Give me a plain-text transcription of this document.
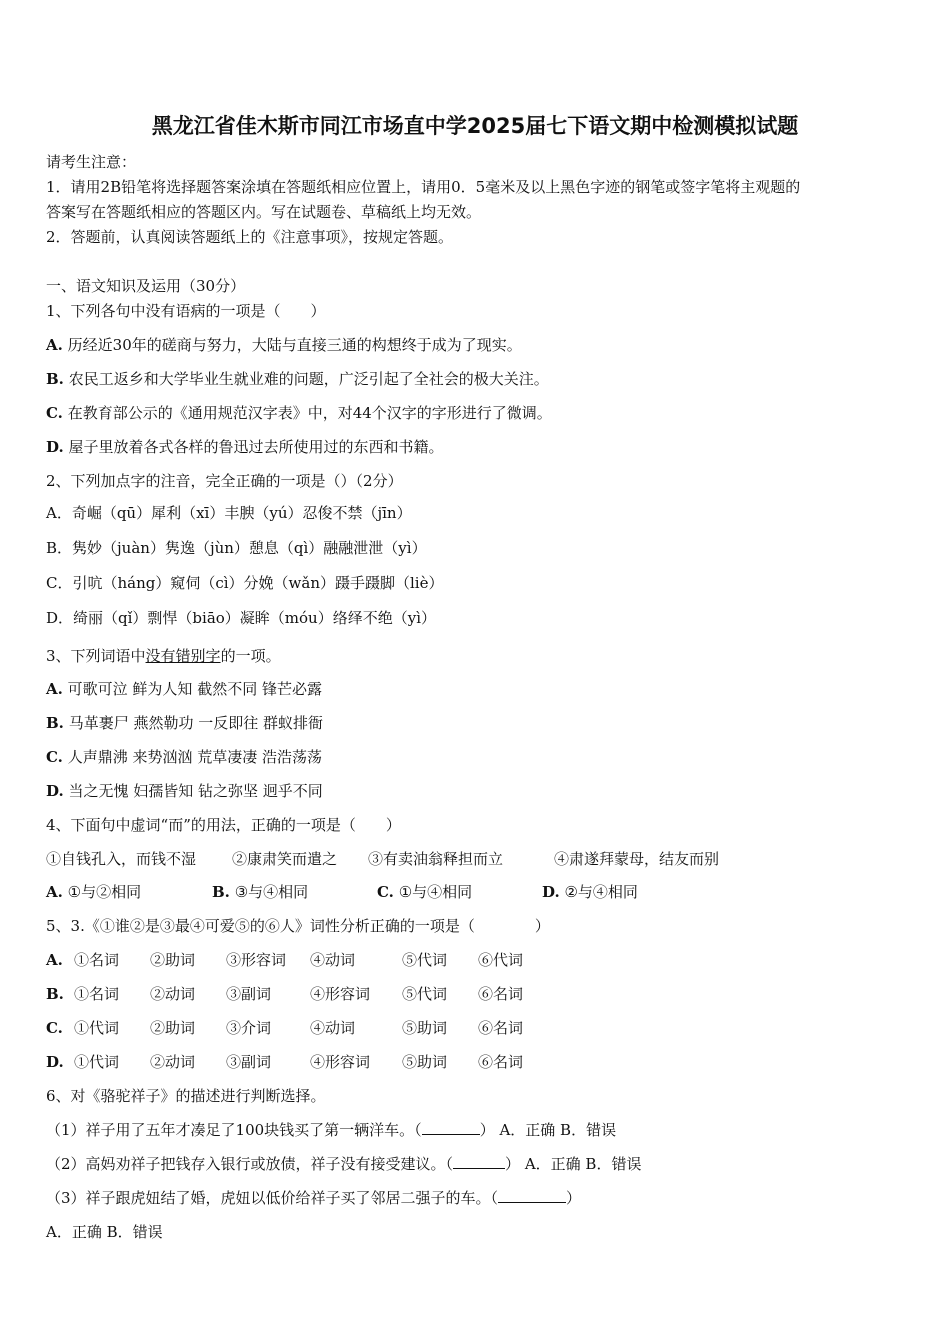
黑龙江省佳木斯市同江市场直中学2025届七下语文期中检测模拟试题
请考生注意：
1．请用2B铅笔将选择题答案涂填在答题纸相应位置上，请用0．5毫米及以上黑色字迹的钢笔或签字笔将主观题的
答案写在答题纸相应的答题区内。写在试题卷、草稿纸上均无效。
2．答题前，认真阅读答题纸上的《注意事项》，按规定答题。
一、语文知识及运用（30分）
1、下列各句中没有语病的一项是（　　）
A. 历经近30年的磋商与努力，大陆与直接三通的构想终于成为了现实。
B. 农民工返乡和大学毕业生就业难的问题，广泛引起了全社会的极大关注。
C. 在教育部公示的《通用规范汉字表》中，对44个汉字的字形进行了微调。
D. 屋子里放着各式各样的鲁迅过去所使用过的东西和书籍。
2、下列加点字的注音，完全正确的一项是（）（2分）
A．奇崛（qū）犀利（xī）丰腴（yú）忍俊不禁（jīn）
B．隽妙（juàn）隽逸（jùn）憩息（qì）融融泄泄（yì）
C．引吭（háng）窥伺（cì）分娩（wǎn）蹑手蹑脚（liè）
D．绮丽（qǐ）剽悍（biāo）凝眸（móu）络绎不绝（yì）
3、下列词语中没有错别字的一项。
A. 可歌可泣 鲜为人知 截然不同 锋芒必露
B. 马革裹尸 燕然勒功 一反即往 群蚁排衙
C. 人声鼎沸 来势汹汹 荒草凄凄 浩浩荡荡
D. 当之无愧 妇孺皆知 钻之弥坚 迥乎不同
4、下面句中虚词“而”的用法，正确的一项是（　　）
①自钱孔入，而钱不湿 ②康肃笑而遣之 ③有卖油翁释担而立	④肃遂拜蒙母，结友而别
A. ①与②相同	B. ③与④相同	C. ①与④相同	D. ②与④相同
5、3.《①谁②是③最④可爱⑤的⑥人》词性分析正确的一项是（　　　　）
A. ①名词 ②助词 ③形容词 ④动词	⑤代词 ⑥代词
B. ①名词 ②动词 ③副词	④形容词 ⑤代词 ⑥名词
C. ①代词 ②助词 ③介词	④动词	⑤助词 ⑥名词
D. ①代词 ②动词 ③副词	④形容词 ⑤助词 ⑥名词
6、对《骆驼祥子》的描述进行判断选择。
（1）祥子用了五年才凑足了100块钱买了第一辆洋车。（	） A．正确 B．错误
（2）高妈劝祥子把钱存入银行或放债，祥子没有接受建议。（	） A．正确 B．错误
（3）祥子跟虎妞结了婚，虎妞以低价给祥子买了邻居二强子的车。（	）
A．正确 B．错误
